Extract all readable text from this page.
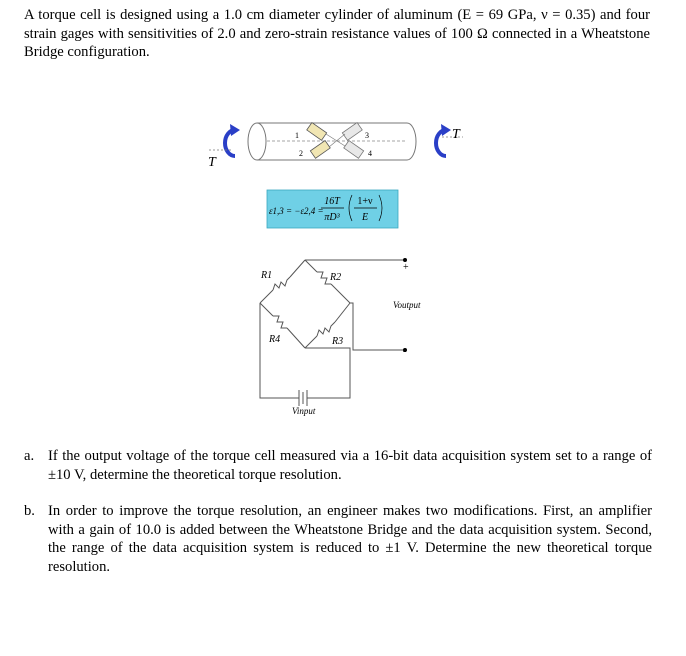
A torque cell is designed using a 1.0 cm diameter cylinder of aluminum (E = 69 GPa, ν = 0.35) and four strain gages with sensitivities of 2.0 and zero-strain resistance values of 100 Ω connected in a Wheatstone Bridge configuration.

1
2
3
4
T
T
ε1,3 = −ε2,4 =
16T
πD³
1+ν
E
+
-
R1	R2
R3
R4
Voutput
Vinput
a. If the output voltage of the torque cell measured via a 16-bit data acquisition system set to a range of ±10 V, determine the theoretical torque resolution.
b. In order to improve the torque resolution, an engineer makes two modifications. First, an amplifier with a gain of 10.0 is added between the Wheatstone Bridge and the data acquisition system. Second, the range of the data acquisition system is reduced to ±1 V. Determine the new theoretical torque resolution.
